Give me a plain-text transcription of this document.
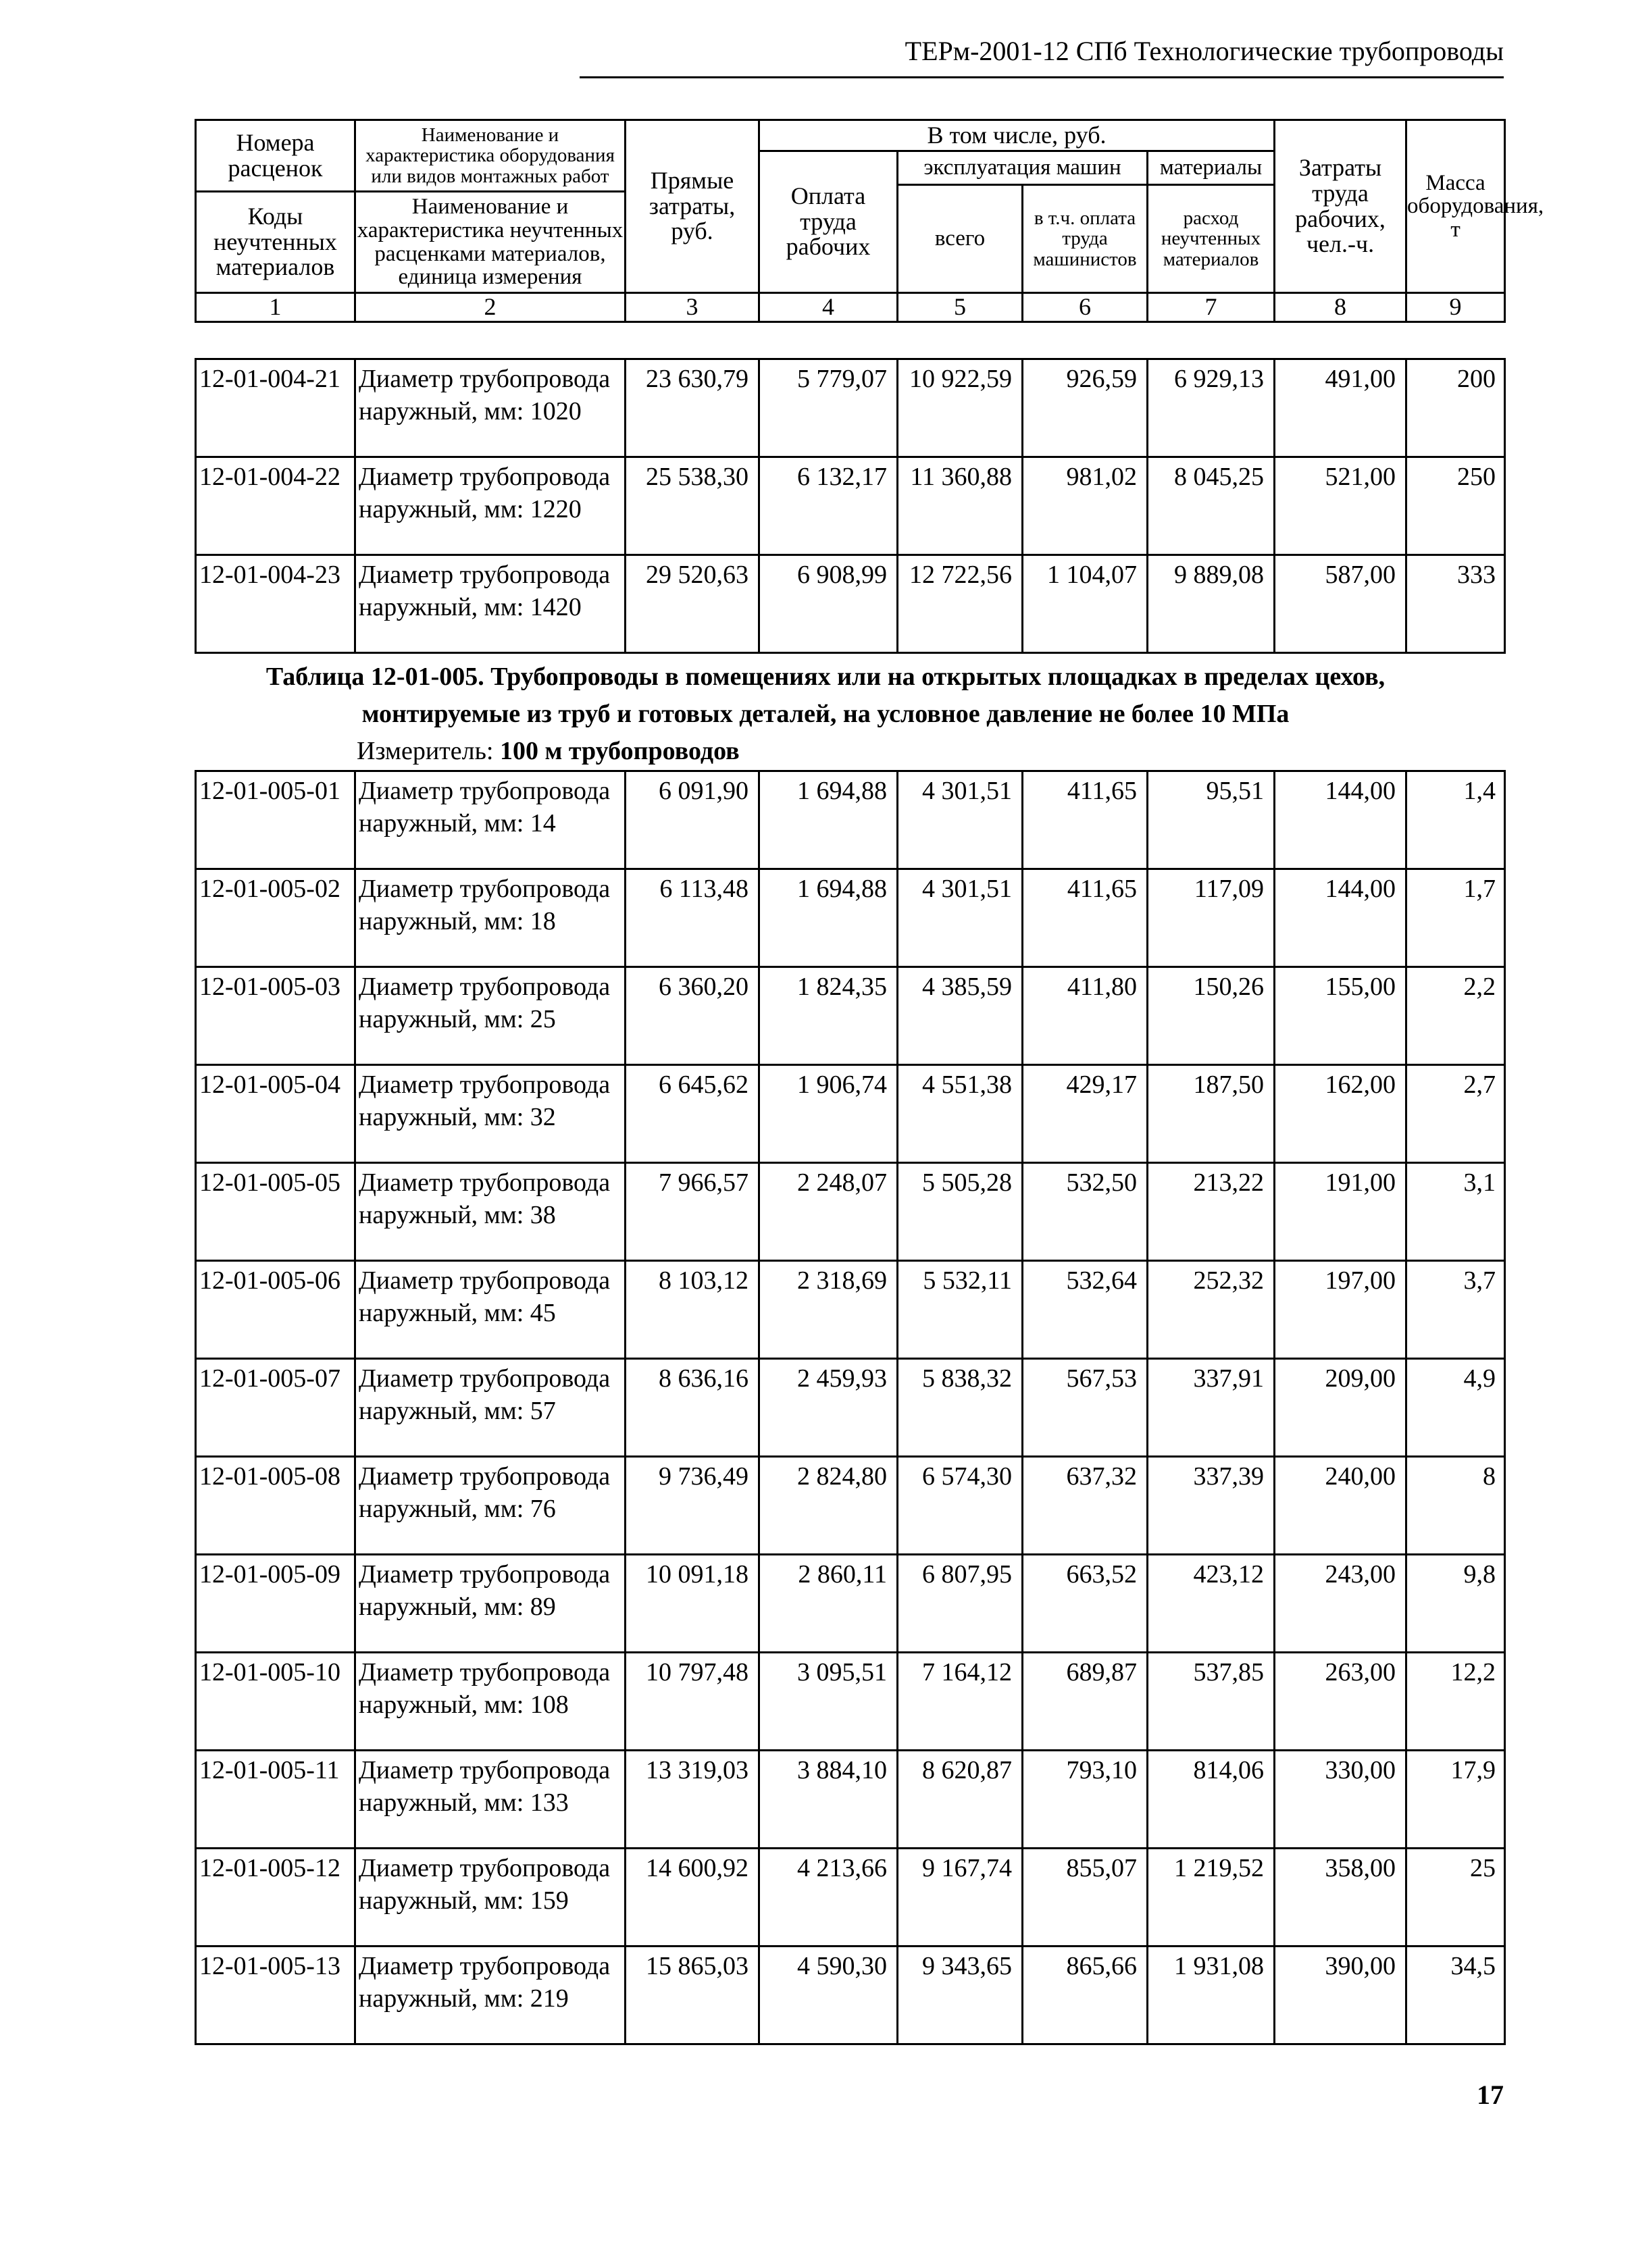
ТЕРм-2001-12 СПб Технологические трубопроводы
Номера расценок	Наименование и характеристика оборудования или видов монтажных работ	Прямые затраты, руб.	В том числе, руб.				Затраты труда рабочих, чел.-ч.	Масса оборудования, т
			Оплата труда рабочих	эксплуатация машин		материалы		
				всего	в т.ч. оплата труда машинистов	расход неучтенных материалов		
Коды неучтенных материалов	Наименование и характеристика неучтенных расценками материалов, единица измерения							

1	2	3	4	5	6	7	8	9
12-01-004-21	Диаметр трубопровода наружный, мм: 1020	23 630,79	5 779,07	10 922,59	926,59	6 929,13	491,00	200
12-01-004-22	Диаметр трубопровода наружный, мм: 1220	25 538,30	6 132,17	11 360,88	981,02	8 045,25	521,00	250
12-01-004-23	Диаметр трубопровода наружный, мм: 1420	29 520,63	6 908,99	12 722,56	1 104,07	9 889,08	587,00	333
Таблица 12-01-005. Трубопроводы в помещениях или на открытых площадках в пределах цехов,
монтируемые из труб и готовых деталей, на условное давление не более 10 МПа
Измеритель: 100 м трубопроводов
12-01-005-01	Диаметр трубопровода наружный, мм: 14	6 091,90	1 694,88	4 301,51	411,65	95,51	144,00	1,4
12-01-005-02	Диаметр трубопровода наружный, мм: 18	6 113,48	1 694,88	4 301,51	411,65	117,09	144,00	1,7
12-01-005-03	Диаметр трубопровода наружный, мм: 25	6 360,20	1 824,35	4 385,59	411,80	150,26	155,00	2,2
12-01-005-04	Диаметр трубопровода наружный, мм: 32	6 645,62	1 906,74	4 551,38	429,17	187,50	162,00	2,7
12-01-005-05	Диаметр трубопровода наружный, мм: 38	7 966,57	2 248,07	5 505,28	532,50	213,22	191,00	3,1
12-01-005-06	Диаметр трубопровода наружный, мм: 45	8 103,12	2 318,69	5 532,11	532,64	252,32	197,00	3,7
12-01-005-07	Диаметр трубопровода наружный, мм: 57	8 636,16	2 459,93	5 838,32	567,53	337,91	209,00	4,9
12-01-005-08	Диаметр трубопровода наружный, мм: 76	9 736,49	2 824,80	6 574,30	637,32	337,39	240,00	8
12-01-005-09	Диаметр трубопровода наружный, мм: 89	10 091,18	2 860,11	6 807,95	663,52	423,12	243,00	9,8
12-01-005-10	Диаметр трубопровода наружный, мм: 108	10 797,48	3 095,51	7 164,12	689,87	537,85	263,00	12,2
12-01-005-11	Диаметр трубопровода наружный, мм: 133	13 319,03	3 884,10	8 620,87	793,10	814,06	330,00	17,9
12-01-005-12	Диаметр трубопровода наружный, мм: 159	14 600,92	4 213,66	9 167,74	855,07	1 219,52	358,00	25
12-01-005-13	Диаметр трубопровода наружный, мм: 219	15 865,03	4 590,30	9 343,65	865,66	1 931,08	390,00	34,5
17
